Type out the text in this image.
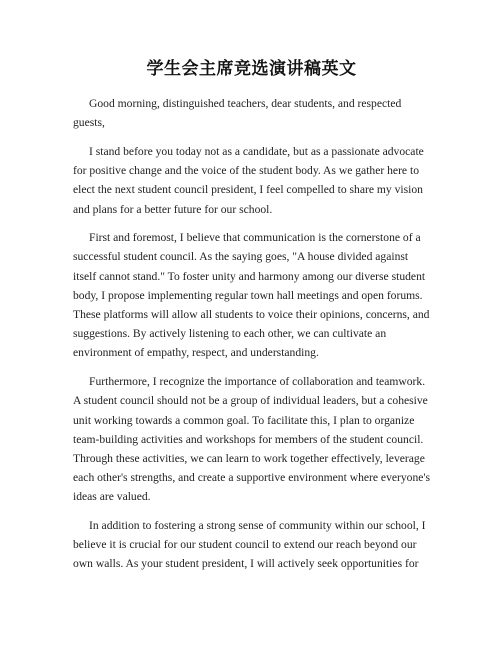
学生会主席竞选演讲稿英文

Good morning, distinguished teachers, dear students, and respected guests,

I stand before you today not as a candidate, but as a passionate advocate for positive change and the voice of the student body. As we gather here to elect the next student council president, I feel compelled to share my vision and plans for a better future for our school.

First and foremost, I believe that communication is the cornerstone of a successful student council. As the saying goes, "A house divided against itself cannot stand." To foster unity and harmony among our diverse student body, I propose implementing regular town hall meetings and open forums. These platforms will allow all students to voice their opinions, concerns, and suggestions. By actively listening to each other, we can cultivate an environment of empathy, respect, and understanding.

Furthermore, I recognize the importance of collaboration and teamwork. A student council should not be a group of individual leaders, but a cohesive unit working towards a common goal. To facilitate this, I plan to organize team-building activities and workshops for members of the student council. Through these activities, we can learn to work together effectively, leverage each other's strengths, and create a supportive environment where everyone's ideas are valued.

In addition to fostering a strong sense of community within our school, I believe it is crucial for our student council to extend our reach beyond our own walls. As your student president, I will actively seek opportunities for
